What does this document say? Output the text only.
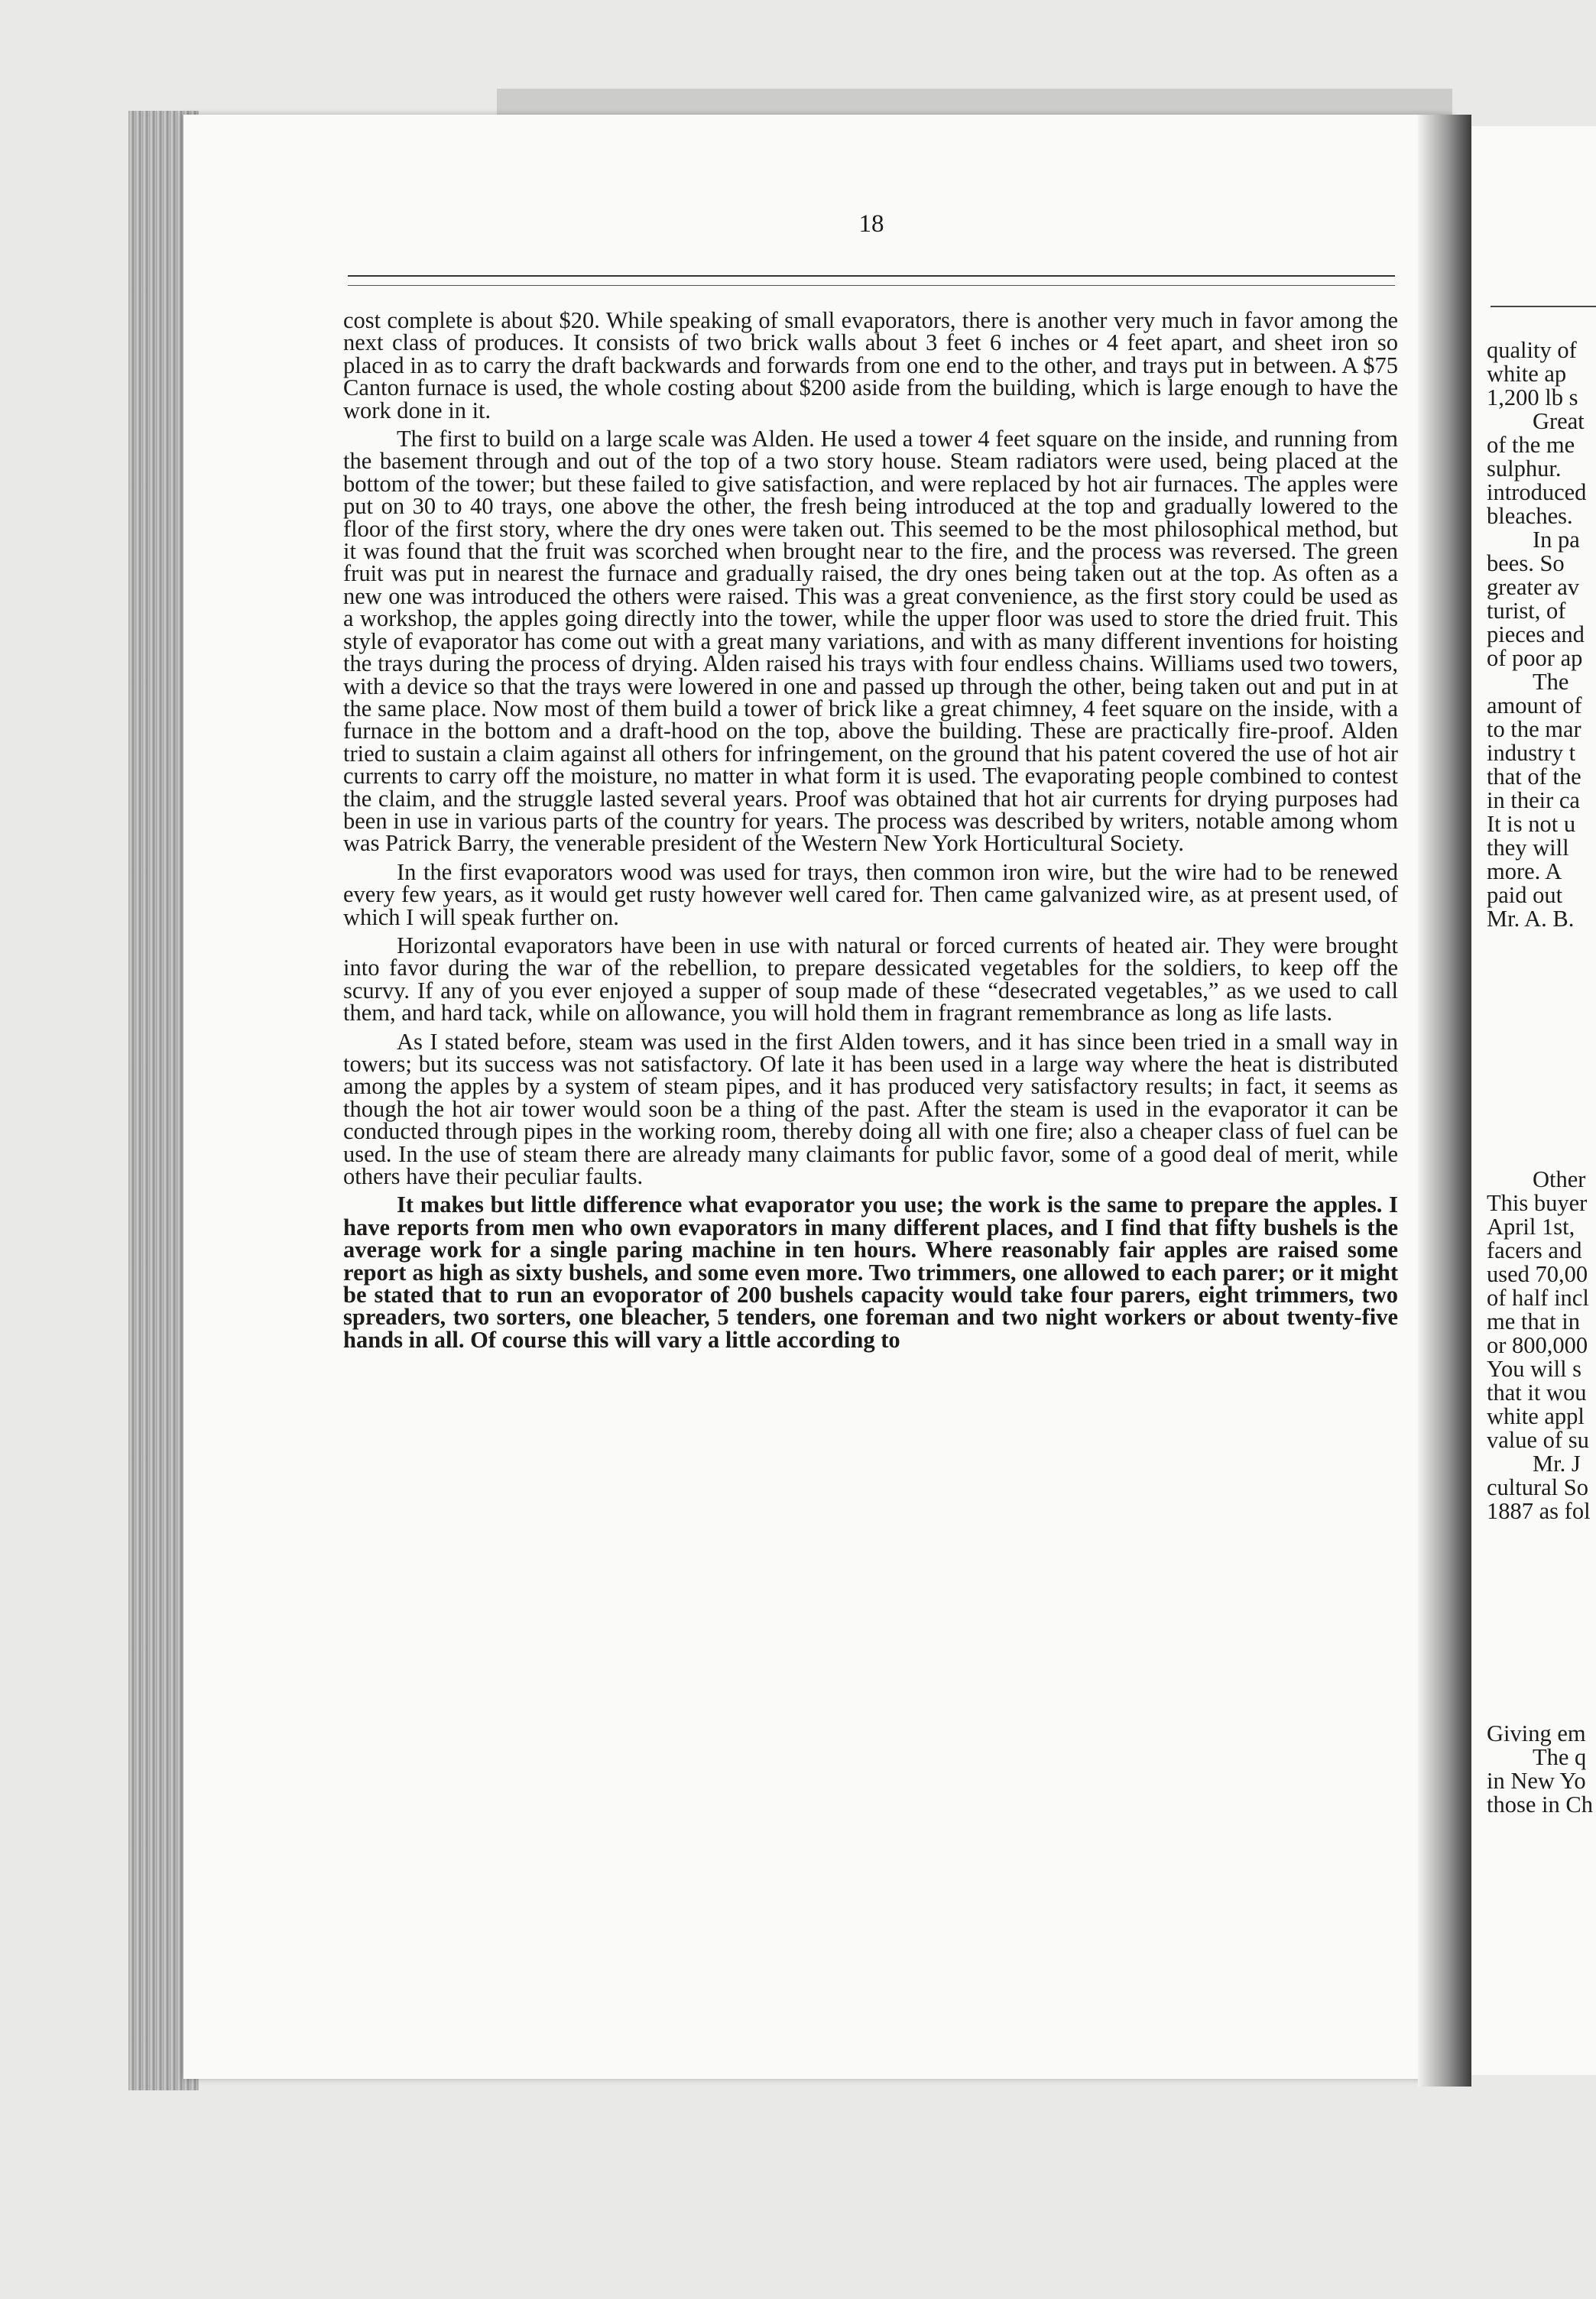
18

cost complete is about $20. While speaking of small evaporators, there is another very much in favor among the next class of produces. It consists of two brick walls about 3 feet 6 inches or 4 feet apart, and sheet iron so placed in as to carry the draft backwards and forwards from one end to the other, and trays put in between. A $75 Canton furnace is used, the whole costing about $200 aside from the building, which is large enough to have the work done in it.

The first to build on a large scale was Alden. He used a tower 4 feet square on the inside, and running from the basement through and out of the top of a two story house. Steam radiators were used, being placed at the bottom of the tower; but these failed to give satisfaction, and were replaced by hot air furnaces. The apples were put on 30 to 40 trays, one above the other, the fresh being introduced at the top and gradually lowered to the floor of the first story, where the dry ones were taken out. This seemed to be the most philosophical method, but it was found that the fruit was scorched when brought near to the fire, and the process was reversed. The green fruit was put in nearest the furnace and gradually raised, the dry ones being taken out at the top. As often as a new one was introduced the others were raised. This was a great convenience, as the first story could be used as a workshop, the apples going directly into the tower, while the upper floor was used to store the dried fruit. This style of evaporator has come out with a great many variations, and with as many different inventions for hoisting the trays during the process of drying. Alden raised his trays with four endless chains. Williams used two towers, with a device so that the trays were lowered in one and passed up through the other, being taken out and put in at the same place. Now most of them build a tower of brick like a great chimney, 4 feet square on the inside, with a furnace in the bottom and a draft-hood on the top, above the building. These are practically fire-proof. Alden tried to sustain a claim against all others for infringement, on the ground that his patent covered the use of hot air currents to carry off the moisture, no matter in what form it is used. The evaporating people combined to contest the claim, and the struggle lasted several years. Proof was obtained that hot air currents for drying purposes had been in use in various parts of the country for years. The process was described by writers, notable among whom was Patrick Barry, the venerable president of the Western New York Horticultural Society.

In the first evaporators wood was used for trays, then common iron wire, but the wire had to be renewed every few years, as it would get rusty however well cared for. Then came galvanized wire, as at present used, of which I will speak further on.

Horizontal evaporators have been in use with natural or forced currents of heated air. They were brought into favor during the war of the rebellion, to prepare dessicated vegetables for the soldiers, to keep off the scurvy. If any of you ever enjoyed a supper of soup made of these “desecrated vegetables,” as we used to call them, and hard tack, while on allowance, you will hold them in fragrant remembrance as long as life lasts.

As I stated before, steam was used in the first Alden towers, and it has since been tried in a small way in towers; but its success was not satisfactory. Of late it has been used in a large way where the heat is distributed among the apples by a system of steam pipes, and it has produced very satisfactory results; in fact, it seems as though the hot air tower would soon be a thing of the past. After the steam is used in the evaporator it can be conducted through pipes in the working room, thereby doing all with one fire; also a cheaper class of fuel can be used. In the use of steam there are already many claimants for public favor, some of a good deal of merit, while others have their peculiar faults.

It makes but little difference what evaporator you use; the work is the same to prepare the apples. I have reports from men who own evaporators in many different places, and I find that fifty bushels is the average work for a single paring machine in ten hours. Where reasonably fair apples are raised some report as high as sixty bushels, and some even more. Two trimmers, one allowed to each parer; or it might be stated that to run an evoporator of 200 bushels capacity would take four parers, eight trimmers, two spreaders, two sorters, one bleacher, 5 tenders, one foreman and two night workers or about twenty-five hands in all. Of course this will vary a little according to

quality of
white ap
1,200 lb s
Great
of the me
sulphur.
introduced
bleaches.
In pa
bees. So
greater av
turist, of
pieces and
of poor ap
The
amount of
to the mar
industry t
that of the
in their ca
It is not u
they will
more. A
paid out
Mr. A. B.
Other
This buyer
April 1st,
facers and
used 70,00
of half incl
me that in
or 800,000
You will s
that it wou
white appl
value of su
Mr. J
cultural So
1887 as fol
Giving em
The q
in New Yo
those in Ch
